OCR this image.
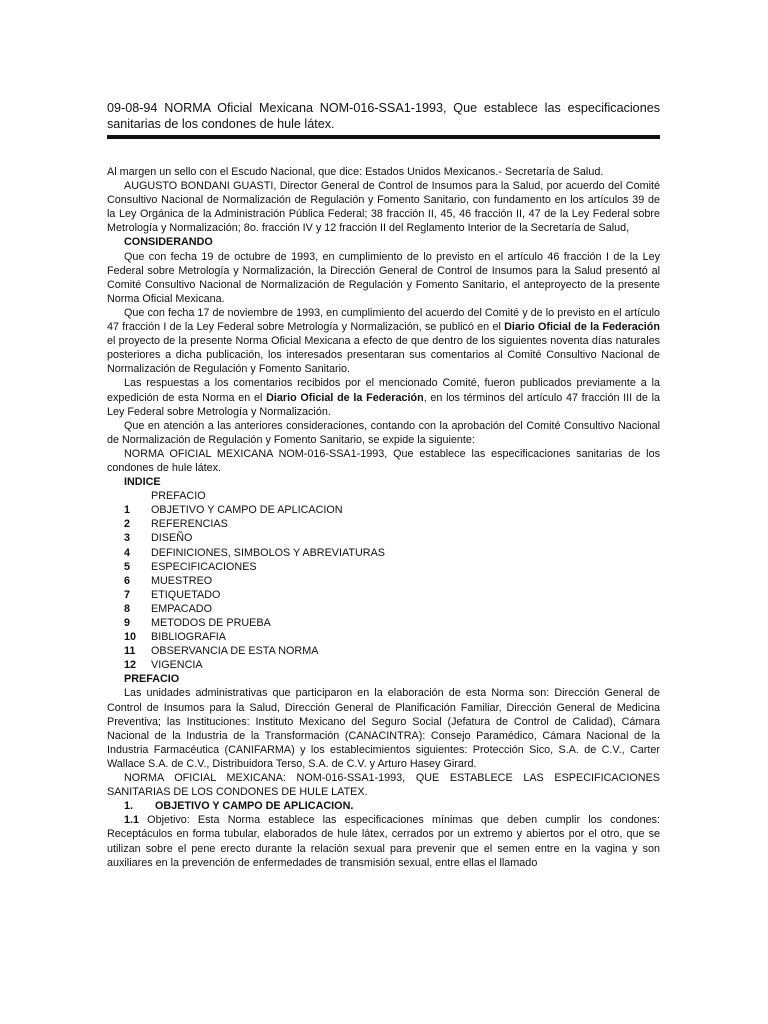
09-08-94 NORMA Oficial Mexicana NOM-016-SSA1-1993, Que establece las especificaciones sanitarias de los condones de hule látex.

Al margen un sello con el Escudo Nacional, que dice: Estados Unidos Mexicanos.- Secretaría de Salud.

AUGUSTO BONDANI GUASTI, Director General de Control de Insumos para la Salud, por acuerdo del Comité Consultivo Nacional de Normalización de Regulación y Fomento Sanitario, con fundamento en los artículos 39 de la Ley Orgánica de la Administración Pública Federal; 38 fracción II, 45, 46 fracción II, 47 de la Ley Federal sobre Metrología y Normalización; 8o. fracción IV y 12 fracción II del Reglamento Interior de la Secretaría de Salud,

CONSIDERANDO

Que con fecha 19 de octubre de 1993, en cumplimiento de lo previsto en el artículo 46 fracción I de la Ley Federal sobre Metrología y Normalización, la Dirección General de Control de Insumos para la Salud presentó al Comité Consultivo Nacional de Normalización de Regulación y Fomento Sanitario, el anteproyecto de la presente Norma Oficial Mexicana.

Que con fecha 17 de noviembre de 1993, en cumplimiento del acuerdo del Comité y de lo previsto en el artículo 47 fracción I de la Ley Federal sobre Metrología y Normalización, se publicó en el Diario Oficial de la Federación el proyecto de la presente Norma Oficial Mexicana a efecto de que dentro de los siguientes noventa días naturales posteriores a dicha publicación, los interesados presentaran sus comentarios al Comité Consultivo Nacional de Normalización de Regulación y Fomento Sanitario.

Las respuestas a los comentarios recibidos por el mencionado Comité, fueron publicados previamente a la expedición de esta Norma en el Diario Oficial de la Federación, en los términos del artículo 47 fracción III de la Ley Federal sobre Metrología y Normalización.

Que en atención a las anteriores consideraciones, contando con la aprobación del Comité Consultivo Nacional de Normalización de Regulación y Fomento Sanitario, se expide la siguiente:

NORMA OFICIAL MEXICANA NOM-016-SSA1-1993, Que establece las especificaciones sanitarias de los condones de hule látex.

INDICE

PREFACIO
1	OBJETIVO Y CAMPO DE APLICACION
2	REFERENCIAS
3	DISEÑO
4	DEFINICIONES, SIMBOLOS Y ABREVIATURAS
5	ESPECIFICACIONES
6	MUESTREO
7	ETIQUETADO
8	EMPACADO
9	METODOS DE PRUEBA
10	BIBLIOGRAFIA
11	OBSERVANCIA DE ESTA NORMA
12	VIGENCIA

PREFACIO

Las unidades administrativas que participaron en la elaboración de esta Norma son: Dirección General de Control de Insumos para la Salud, Dirección General de Planificación Familiar, Dirección General de Medicina Preventiva; las Instituciones: Instituto Mexicano del Seguro Social (Jefatura de Control de Calidad), Cámara Nacional de la Industria de la Transformación (CANACINTRA): Consejo Paramédico, Cámara Nacional de la Industria Farmacéutica (CANIFARMA) y los establecimientos siguientes: Protección Sico, S.A. de C.V., Carter Wallace S.A. de C.V., Distribuidora Terso, S.A. de C.V. y Arturo Hasey Girard.

NORMA OFICIAL MEXICANA: NOM-016-SSA1-1993, QUE ESTABLECE LAS ESPECIFICACIONES SANITARIAS DE LOS CONDONES DE HULE LATEX.

1. OBJETIVO Y CAMPO DE APLICACION.

1.1 Objetivo: Esta Norma establece las especificaciones mínimas que deben cumplir los condones: Receptáculos en forma tubular, elaborados de hule látex, cerrados por un extremo y abiertos por el otro, que se utilizan sobre el pene erecto durante la relación sexual para prevenir que el semen entre en la vagina y son auxiliares en la prevención de enfermedades de transmisión sexual, entre ellas el llamado
